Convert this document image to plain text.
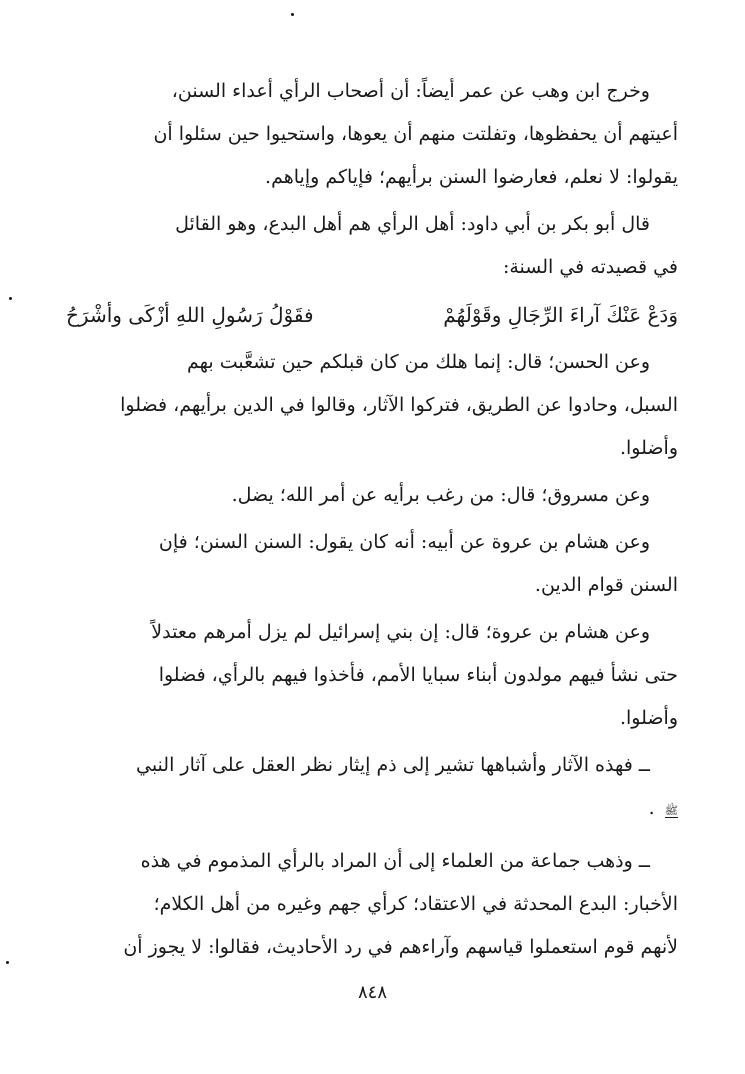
وخرج ابن وهب عن عمر أيضاً: أن أصحاب الرأي أعداء السنن،
أعيتهم أن يحفظوها، وتفلتت منهم أن يعوها، واستحيوا حين سئلوا أن
يقولوا: لا نعلم، فعارضوا السنن برأيهم؛ فإياكم وإياهم.

قال أبو بكر بن أبي داود: أهل الرأي هم أهل البدع، وهو القائل
في قصيدته في السنة:

وَدَعْ عَنْكَ آراءَ الرِّجَالِ وقَوْلَهُمْ
فقَوْلُ رَسُولِ اللهِ أزْكَى وأشْرَحُ

وعن الحسن؛ قال: إنما هلك من كان قبلكم حين تشعَّبت بهم
السبل، وحادوا عن الطريق، فتركوا الآثار، وقالوا في الدين برأيهم، فضلوا
وأضلوا.

وعن مسروق؛ قال: من رغب برأيه عن أمر الله؛ يضل.

وعن هشام بن عروة عن أبيه: أنه كان يقول: السنن السنن؛ فإن
السنن قوام الدين.

وعن هشام بن عروة؛ قال: إن بني إسرائيل لم يزل أمرهم معتدلاً
حتى نشأ فيهم مولدون أبناء سبايا الأمم، فأخذوا فيهم بالرأي، فضلوا
وأضلوا.

ــ فهذه الآثار وأشباهها تشير إلى ذم إيثار نظر العقل على آثار النبي
ﷺ .

ــ وذهب جماعة من العلماء إلى أن المراد بالرأي المذموم في هذه
الأخبار: البدع المحدثة في الاعتقاد؛ كرأي جهم وغيره من أهل الكلام؛
لأنهم قوم استعملوا قياسهم وآراءهم في رد الأحاديث، فقالوا: لا يجوز أن

٨٤٨
